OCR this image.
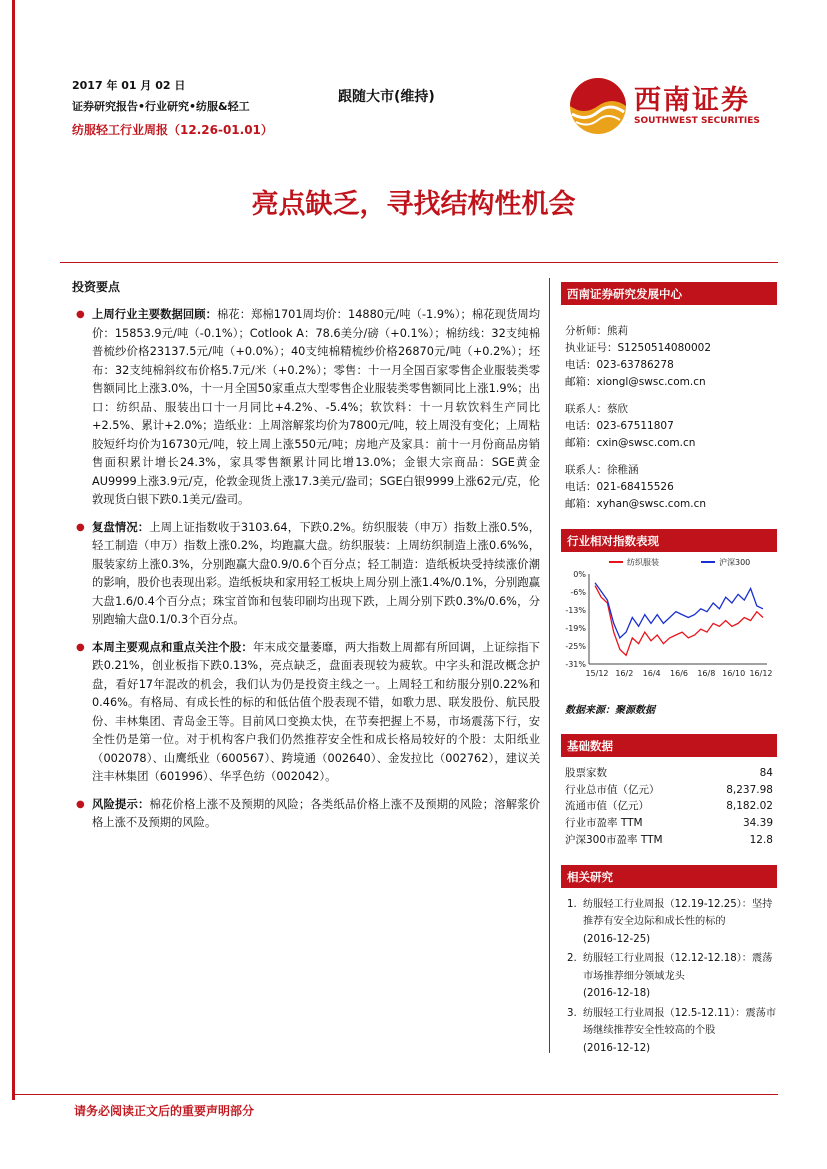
2017 年 01 月 02 日
证券研究报告•行业研究•纺服&轻工
纺服轻工行业周报（12.26-01.01）
跟随大市(维持)	西南证券
SOUTHWEST SECURITIES
亮点缺乏，寻找结构性机会
投资要点
● 上周行业主要数据回顾：棉花：郑棉1701周均价：14880元/吨（-1.9%）；棉花现货周均价：15853.9元/吨（-0.1%）；Cotlook A：78.6美分/磅（+0.1%）；棉纺线：32支纯棉普梳纱价格23137.5元/吨（+0.0%）；40支纯棉精梳纱价格26870元/吨（+0.2%）；坯布：32支纯棉斜纹布价格5.7元/米（+0.2%）；零售：十一月全国百家零售企业服装类零售额同比上涨3.0%，十一月全国50家重点大型零售企业服装类零售额同比上涨1.9%；出口：纺织品、服装出口十一月同比+4.2%、-5.4%；软饮料：十一月软饮料生产同比+2.5%、累计+2.0%；造纸业：上周溶解浆均价为7800元/吨，较上周没有变化；上周粘胶短纤均价为16730元/吨，较上周上涨550元/吨；房地产及家具：前十一月份商品房销售面积累计增长24.3%，家具零售额累计同比增13.0%；金银大宗商品：SGE黄金AU9999上涨3.9元/克，伦敦金现货上涨17.3美元/盎司；SGE白银9999上涨62元/克，伦敦现货白银下跌0.1美元/盎司。
● 复盘情况：上周上证指数收于3103.64，下跌0.2%。纺织服装（申万）指数上涨0.5%，轻工制造（申万）指数上涨0.2%，均跑赢大盘。纺织服装：上周纺织制造上涨0.6%%，服装家纺上涨0.3%，分别跑赢大盘0.9/0.6个百分点；轻工制造：造纸板块受持续涨价潮的影响，股价也表现出彩。造纸板块和家用轻工板块上周分别上涨1.4%/0.1%，分别跑赢大盘1.6/0.4个百分点；珠宝首饰和包装印刷均出现下跌，上周分别下跌0.3%/0.6%，分别跑输大盘0.1/0.3个百分点。
● 本周主要观点和重点关注个股：年末成交量萎靡，两大指数上周都有所回调，上证综指下跌0.21%，创业板指下跌0.13%，亮点缺乏，盘面表现较为疲软。中字头和混改概念护盘，看好17年混改的机会，我们认为仍是投资主线之一。上周轻工和纺服分别0.22%和0.46%。有格局、有成长性的标的和低估值个股表现不错，如歌力思、联发股份、航民股份、丰林集团、青岛金王等。目前风口变换太快，在节奏把握上不易，市场震荡下行，安全性仍是第一位。对于机构客户我们仍然推荐安全性和成长格局较好的个股：太阳纸业（002078）、山鹰纸业（600567）、跨境通（002640）、金发拉比（002762），建议关注丰林集团（601996）、华孚色纺（002042）。
● 风险提示：棉花价格上涨不及预期的风险；各类纸品价格上涨不及预期的风险；溶解浆价格上涨不及预期的风险。
西南证券研究发展中心
分析师：熊莉
执业证号：S1250514080002
电话：023-63786278
邮箱：xiongl@swsc.com.cn
联系人：蔡欣
电话：023-67511807
邮箱：cxin@swsc.com.cn
联系人：徐稚涵
电话：021-68415526
邮箱：xyhan@swsc.com.cn
行业相对指数表现
0%
-6%
-13%
-19%
-25%
-31%
15/12 16/2 16/4 16/6 16/8 16/10 16/12
纺织服装	沪深300
数据来源：聚源数据
基础数据
股票家数	84
行业总市值（亿元）	8,237.98
流通市值（亿元）	8,182.02
行业市盈率 TTM	34.39
沪深300市盈率 TTM	12.8
相关研究
1. 纺服轻工行业周报（12.19-12.25）：坚持推荐有安全边际和成长性的标的
(2016-12-25)
2. 纺服轻工行业周报（12.12-12.18）：震荡市场推荐细分领域龙头
(2016-12-18)
3. 纺服轻工行业周报（12.5-12.11）：震荡市场继续推荐安全性较高的个股
(2016-12-12)
请务必阅读正文后的重要声明部分
